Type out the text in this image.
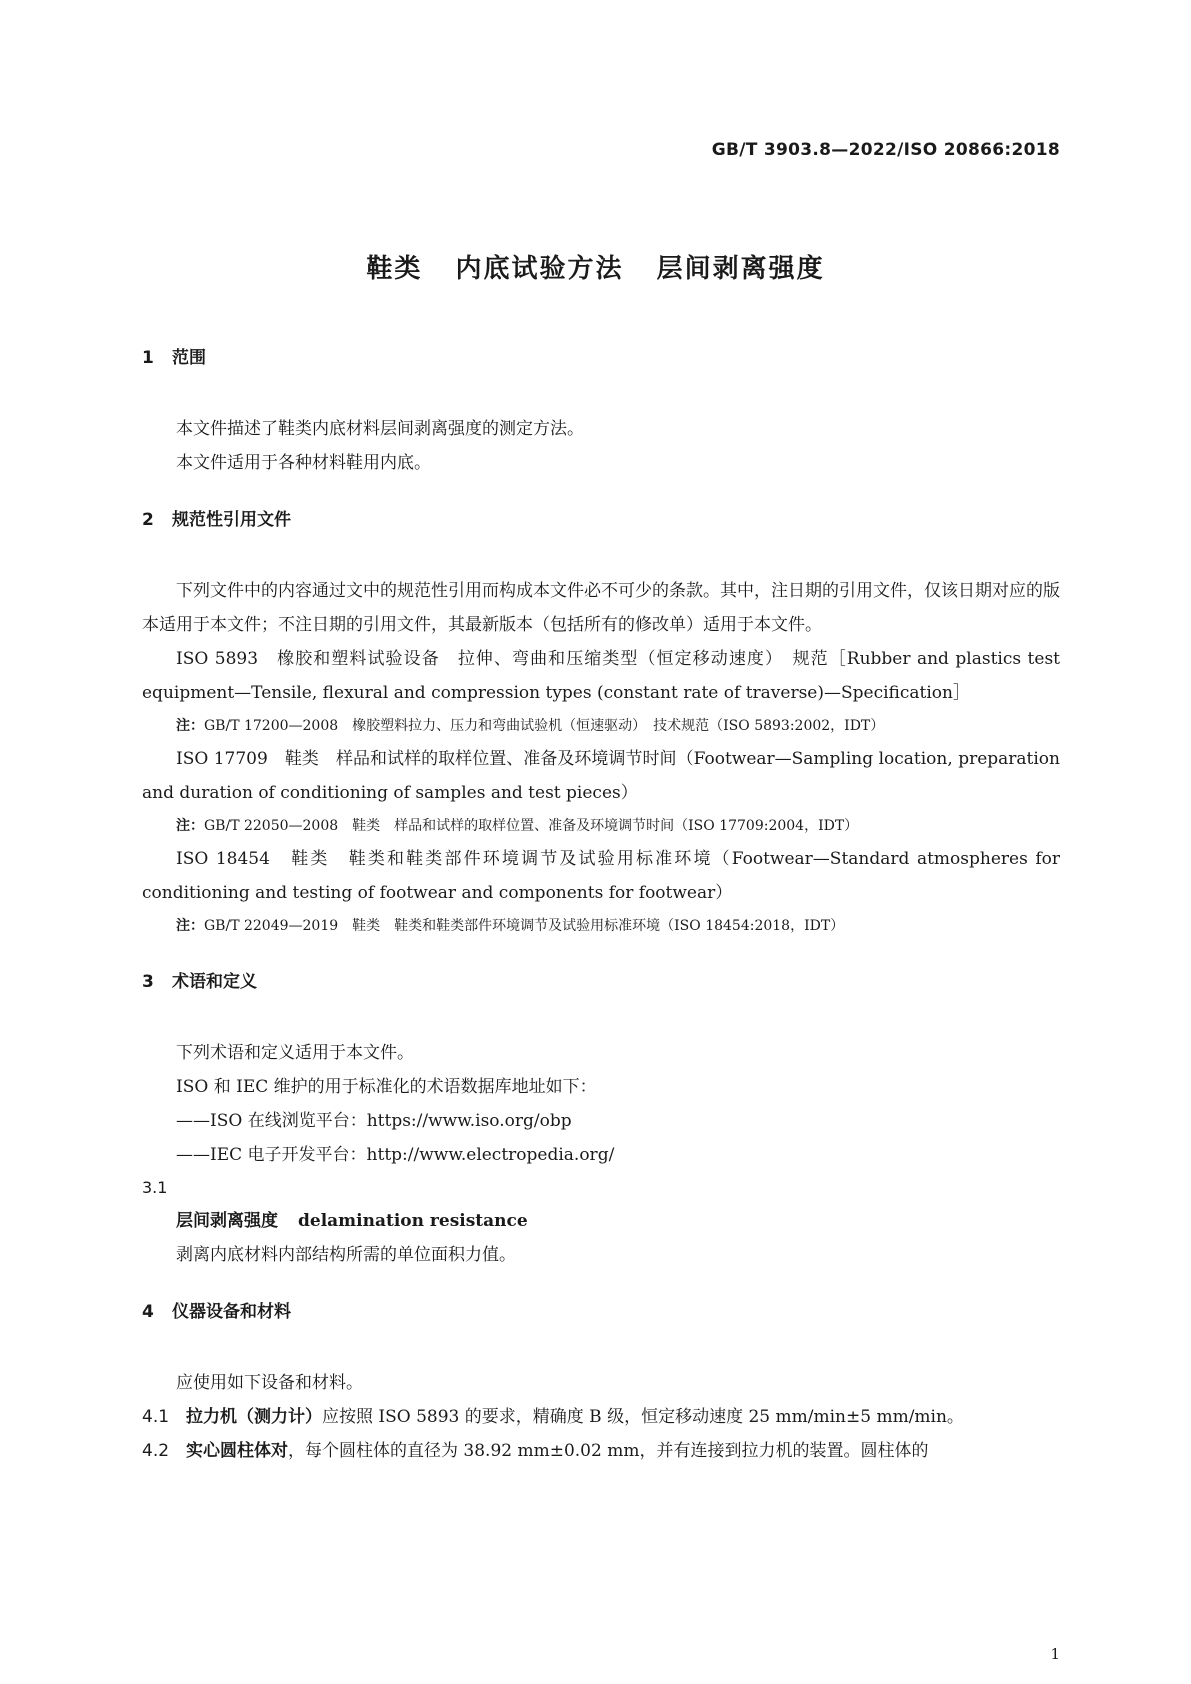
GB/T 3903.8—2022/ISO 20866:2018
鞋类   内底试验方法   层间剥离强度
1	范围

本文件描述了鞋类内底材料层间剥离强度的测定方法。

本文件适用于各种材料鞋用内底。

2	规范性引用文件

下列文件中的内容通过文中的规范性引用而构成本文件必不可少的条款。其中，注日期的引用文件，仅该日期对应的版本适用于本文件；不注日期的引用文件，其最新版本（包括所有的修改单）适用于本文件。

ISO 5893　橡胶和塑料试验设备　拉伸、弯曲和压缩类型（恒定移动速度）　规范［Rubber and plastics test equipment—Tensile, flexural and compression types (constant rate of traverse)—Specification］

注：GB/T 17200—2008　橡胶塑料拉力、压力和弯曲试验机（恒速驱动）　技术规范（ISO 5893:2002，IDT）

ISO 17709　鞋类　样品和试样的取样位置、准备及环境调节时间（Footwear—Sampling location, preparation and duration of conditioning of samples and test pieces）

注：GB/T 22050—2008　鞋类　样品和试样的取样位置、准备及环境调节时间（ISO 17709:2004，IDT）

ISO 18454　鞋类　鞋类和鞋类部件环境调节及试验用标准环境（Footwear—Standard atmospheres for conditioning and testing of footwear and components for footwear）

注：GB/T 22049—2019　鞋类　鞋类和鞋类部件环境调节及试验用标准环境（ISO 18454:2018，IDT）

3	术语和定义

下列术语和定义适用于本文件。

ISO 和 IEC 维护的用于标准化的术语数据库地址如下：

——ISO 在线浏览平台：https://www.iso.org/obp

——IEC 电子开发平台：http://www.electropedia.org/

3.1

层间剥离强度 delamination resistance

剥离内底材料内部结构所需的单位面积力值。

4	仪器设备和材料

应使用如下设备和材料。

4.1 拉力机（测力计）应按照 ISO 5893 的要求，精确度 B 级，恒定移动速度 25 mm/min±5 mm/min。

4.2 实心圆柱体对，每个圆柱体的直径为 38.92 mm±0.02 mm，并有连接到拉力机的装置。圆柱体的

1
